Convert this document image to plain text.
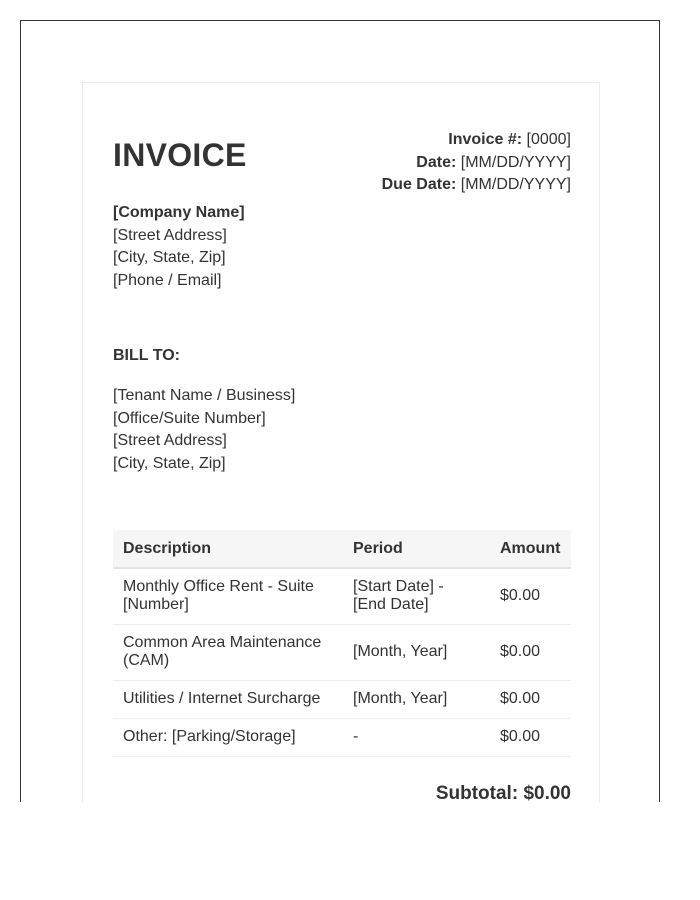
INVOICE	Invoice #: [0000]
Date: [MM/DD/YYYY]
Due Date: [MM/DD/YYYY]
[Company Name]
[Street Address]
[City, State, Zip]
[Phone / Email]
BILL TO:
[Tenant Name / Business]
[Office/Suite Number]
[Street Address]
[City, State, Zip]
Description	Period	Amount
Monthly Office Rent - Suite [Number]	[Start Date] - [End Date]	$0.00
Common Area Maintenance (CAM)	[Month, Year]	$0.00
Utilities / Internet Surcharge	[Month, Year]	$0.00
Other: [Parking/Storage]	-	$0.00
Subtotal: $0.00
